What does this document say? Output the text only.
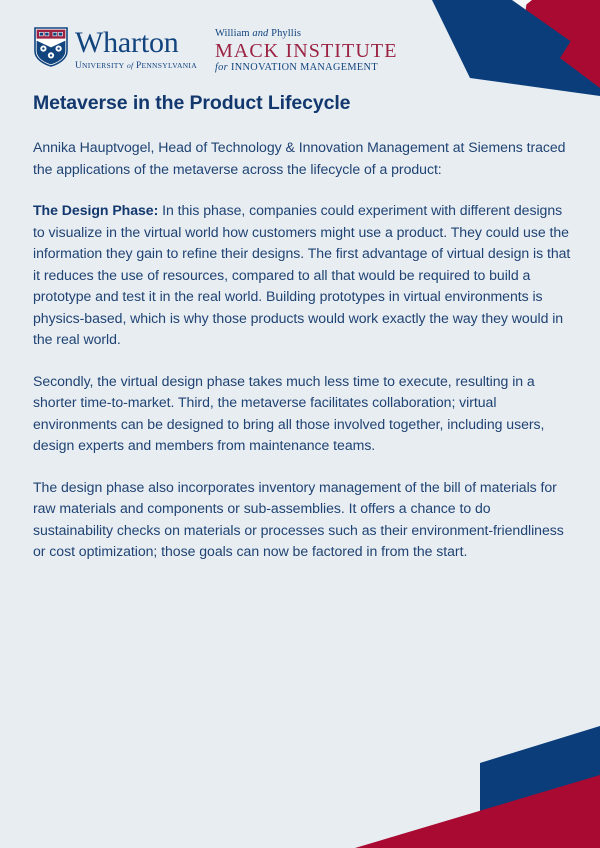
Wharton
UNIVERSITY of PENNSYLVANIA
William and Phyllis
MACK INSTITUTE
for INNOVATION MANAGEMENT
Metaverse in the Product Lifecycle

Annika Hauptvogel, Head of Technology & Innovation Management at Siemens traced the applications of the metaverse across the lifecycle of a product:

The Design Phase: In this phase, companies could experiment with different designs to visualize in the virtual world how customers might use a product. They could use the information they gain to refine their designs. The first advantage of virtual design is that it reduces the use of resources, compared to all that would be required to build a prototype and test it in the real world. Building prototypes in virtual environments is physics-based, which is why those products would work exactly the way they would in the real world.

Secondly, the virtual design phase takes much less time to execute, resulting in a shorter time-to-market. Third, the metaverse facilitates collaboration; virtual environments can be designed to bring all those involved together, including users, design experts and members from maintenance teams.

The design phase also incorporates inventory management of the bill of materials for raw materials and components or sub-assemblies. It offers a chance to do sustainability checks on materials or processes such as their environment-friendliness or cost optimization; those goals can now be factored in from the start.
